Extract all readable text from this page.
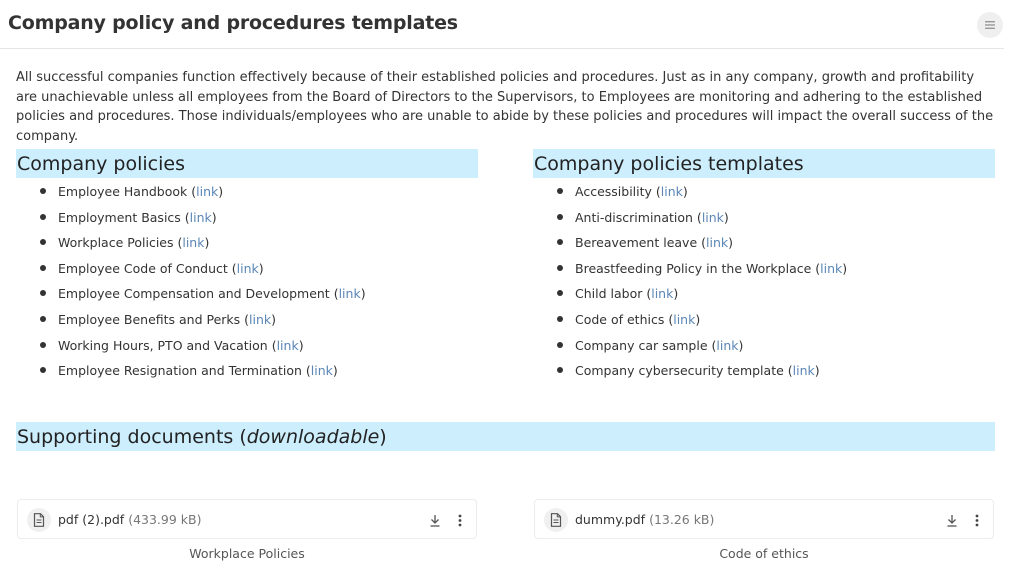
Company policy and procedures templates
All successful companies function effectively because of their established policies and procedures. Just as in any company, growth and profitability are unachievable unless all employees from the Board of Directors to the Supervisors, to Employees are monitoring and adhering to the established policies and procedures. Those individuals/employees who are unable to abide by these policies and procedures will impact the overall success of the company.
Company policies
Employee Handbook (link)
Employment Basics (link)
Workplace Policies (link)
Employee Code of Conduct (link)
Employee Compensation and Development (link)
Employee Benefits and Perks (link)
Working Hours, PTO and Vacation (link)
Employee Resignation and Termination (link)
Company policies templates
Accessibility (link)
Anti-discrimination (link)
Bereavement leave (link)
Breastfeeding Policy in the Workplace (link)
Child labor (link)
Code of ethics (link)
Company car sample (link)
Company cybersecurity template (link)
Supporting documents (downloadable)
pdf (2).pdf (433.99 kB)
Workplace Policies
dummy.pdf (13.26 kB)
Code of ethics
